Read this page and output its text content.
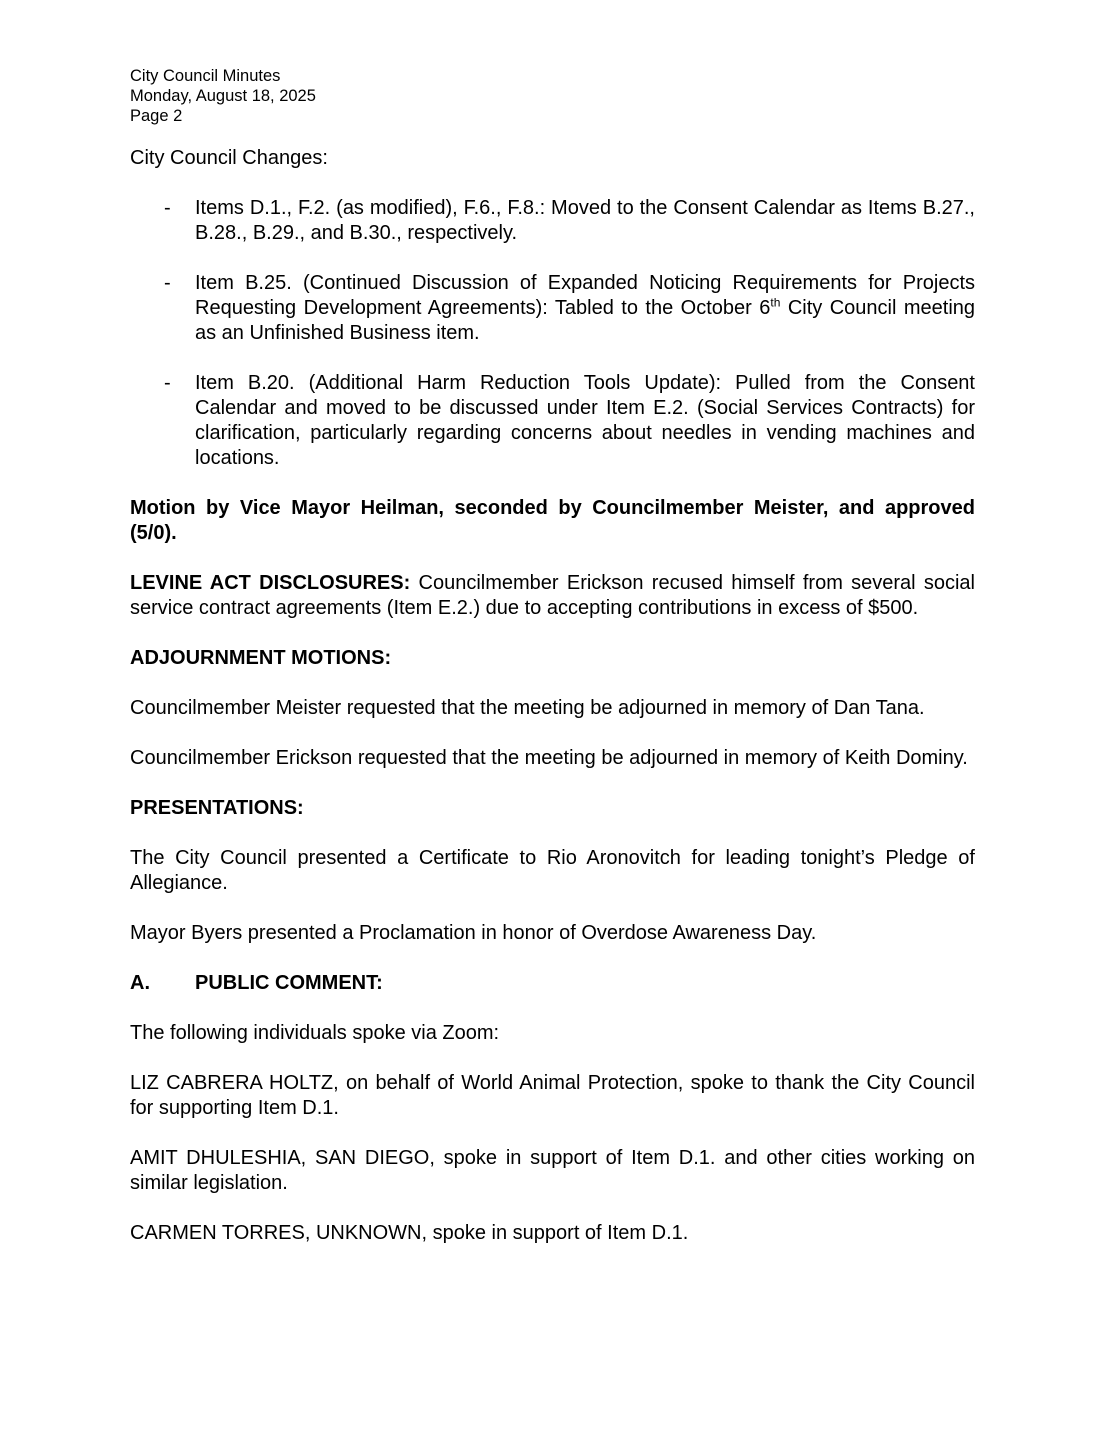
City Council Minutes

Monday, August 18, 2025

Page 2

City Council Changes:

- Items D.1., F.2. (as modified), F.6., F.8.: Moved to the Consent Calendar as Items B.27., B.28., B.29., and B.30., respectively.
- Item B.25. (Continued Discussion of Expanded Noticing Requirements for Projects Requesting Development Agreements): Tabled to the October 6th City Council meeting as an Unfinished Business item.
- Item B.20. (Additional Harm Reduction Tools Update): Pulled from the Consent Calendar and moved to be discussed under Item E.2. (Social Services Contracts) for clarification, particularly regarding concerns about needles in vending machines and locations.

Motion by Vice Mayor Heilman, seconded by Councilmember Meister, and approved (5/0).

LEVINE ACT DISCLOSURES: Councilmember Erickson recused himself from several social service contract agreements (Item E.2.) due to accepting contributions in excess of $500.

ADJOURNMENT MOTIONS:

Councilmember Meister requested that the meeting be adjourned in memory of Dan Tana.

Councilmember Erickson requested that the meeting be adjourned in memory of Keith Dominy.

PRESENTATIONS:

The City Council presented a Certificate to Rio Aronovitch for leading tonight’s Pledge of Allegiance.

Mayor Byers presented a Proclamation in honor of Overdose Awareness Day.

A.	PUBLIC COMMENT:

The following individuals spoke via Zoom:

LIZ CABRERA HOLTZ, on behalf of World Animal Protection, spoke to thank the City Council for supporting Item D.1.

AMIT DHULESHIA, SAN DIEGO, spoke in support of Item D.1. and other cities working on similar legislation.

CARMEN TORRES, UNKNOWN, spoke in support of Item D.1.
